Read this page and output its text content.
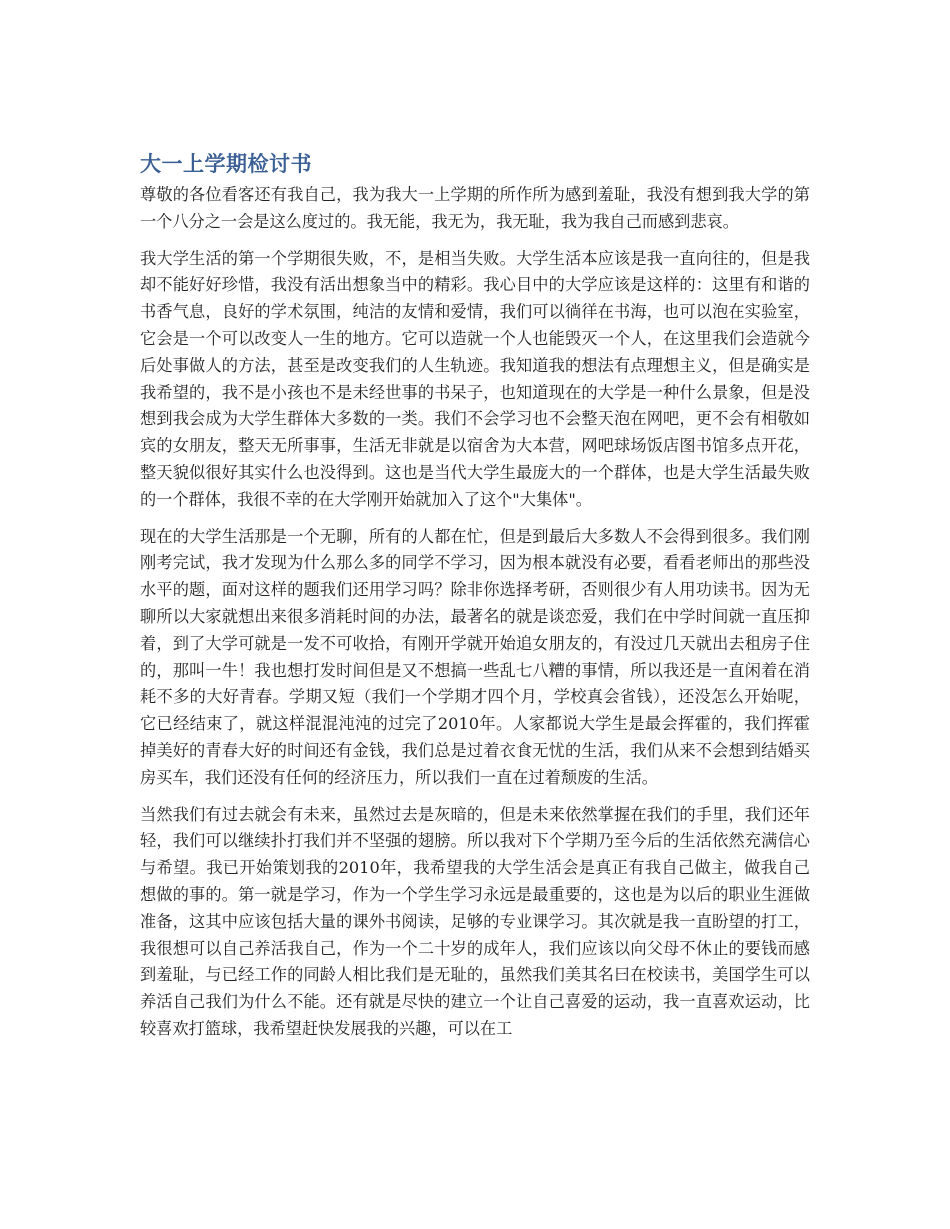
大一上学期检讨书

尊敬的各位看客还有我自己，我为我大一上学期的所作所为感到羞耻，我没有想到我大学的第一个八分之一会是这么度过的。我无能，我无为，我无耻，我为我自己而感到悲哀。

我大学生活的第一个学期很失败，不，是相当失败。大学生活本应该是我一直向往的，但是我却不能好好珍惜，我没有活出想象当中的精彩。我心目中的大学应该是这样的：这里有和谐的书香气息，良好的学术氛围，纯洁的友情和爱情，我们可以徜徉在书海，也可以泡在实验室，它会是一个可以改变人一生的地方。它可以造就一个人也能毁灭一个人，在这里我们会造就今后处事做人的方法，甚至是改变我们的人生轨迹。我知道我的想法有点理想主义，但是确实是我希望的，我不是小孩也不是未经世事的书呆子，也知道现在的大学是一种什么景象，但是没想到我会成为大学生群体大多数的一类。我们不会学习也不会整天泡在网吧，更不会有相敬如宾的女朋友，整天无所事事，生活无非就是以宿舍为大本营，网吧球场饭店图书馆多点开花，整天貌似很好其实什么也没得到。这也是当代大学生最庞大的一个群体，也是大学生活最失败的一个群体，我很不幸的在大学刚开始就加入了这个"大集体"。

现在的大学生活那是一个无聊，所有的人都在忙，但是到最后大多数人不会得到很多。我们刚刚考完试，我才发现为什么那么多的同学不学习，因为根本就没有必要，看看老师出的那些没水平的题，面对这样的题我们还用学习吗？除非你选择考研，否则很少有人用功读书。因为无聊所以大家就想出来很多消耗时间的办法，最著名的就是谈恋爱，我们在中学时间就一直压抑着，到了大学可就是一发不可收拾，有刚开学就开始追女朋友的，有没过几天就出去租房子住的，那叫一牛！我也想打发时间但是又不想搞一些乱七八糟的事情，所以我还是一直闲着在消耗不多的大好青春。学期又短（我们一个学期才四个月，学校真会省钱），还没怎么开始呢，它已经结束了，就这样混混沌沌的过完了2010年。人家都说大学生是最会挥霍的，我们挥霍掉美好的青春大好的时间还有金钱，我们总是过着衣食无忧的生活，我们从来不会想到结婚买房买车，我们还没有任何的经济压力，所以我们一直在过着颓废的生活。

当然我们有过去就会有未来，虽然过去是灰暗的，但是未来依然掌握在我们的手里，我们还年轻，我们可以继续扑打我们并不坚强的翅膀。所以我对下个学期乃至今后的生活依然充满信心与希望。我已开始策划我的2010年，我希望我的大学生活会是真正有我自己做主，做我自己想做的事的。第一就是学习，作为一个学生学习永远是最重要的，这也是为以后的职业生涯做准备，这其中应该包括大量的课外书阅读，足够的专业课学习。其次就是我一直盼望的打工，我很想可以自己养活我自己，作为一个二十岁的成年人，我们应该以向父母不休止的要钱而感到羞耻，与已经工作的同龄人相比我们是无耻的，虽然我们美其名曰在校读书，美国学生可以养活自己我们为什么不能。还有就是尽快的建立一个让自己喜爱的运动，我一直喜欢运动，比较喜欢打篮球，我希望赶快发展我的兴趣，可以在工
